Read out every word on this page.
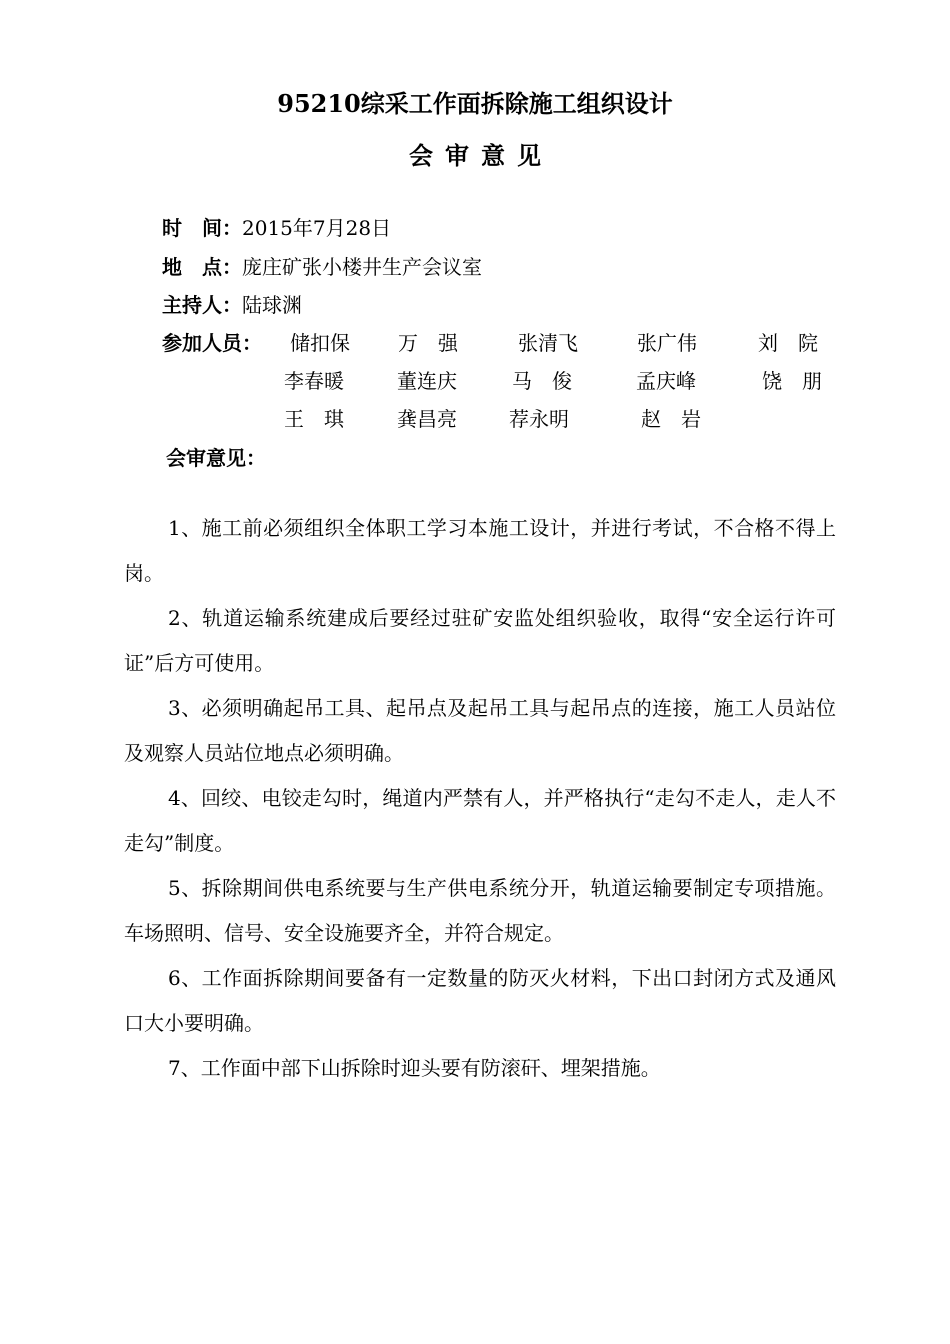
95210综采工作面拆除施工组织设计
会审意见
时　间：2015年7月28日
地　点：庞庄矿张小楼井生产会议室
主持人：陆球渊
参加人员： 储扣保 万　强	张清飞	张广伟	刘　院
李春暖	董连庆	马　俊	孟庆峰	饶　朋
王　琪	龚昌亮	荐永明	赵　岩
会审意见：

1、施工前必须组织全体职工学习本施工设计，并进行考试，不合格不得上岗。

2、轨道运输系统建成后要经过驻矿安监处组织验收，取得“安全运行许可证”后方可使用。

3、必须明确起吊工具、起吊点及起吊工具与起吊点的连接，施工人员站位及观察人员站位地点必须明确。

4、回绞、电铰走勾时，绳道内严禁有人，并严格执行“走勾不走人，走人不走勾”制度。

5、拆除期间供电系统要与生产供电系统分开，轨道运输要制定专项措施。车场照明、信号、安全设施要齐全，并符合规定。

6、工作面拆除期间要备有一定数量的防灭火材料，下出口封闭方式及通风口大小要明确。

7、工作面中部下山拆除时迎头要有防滚矸、埋架措施。
